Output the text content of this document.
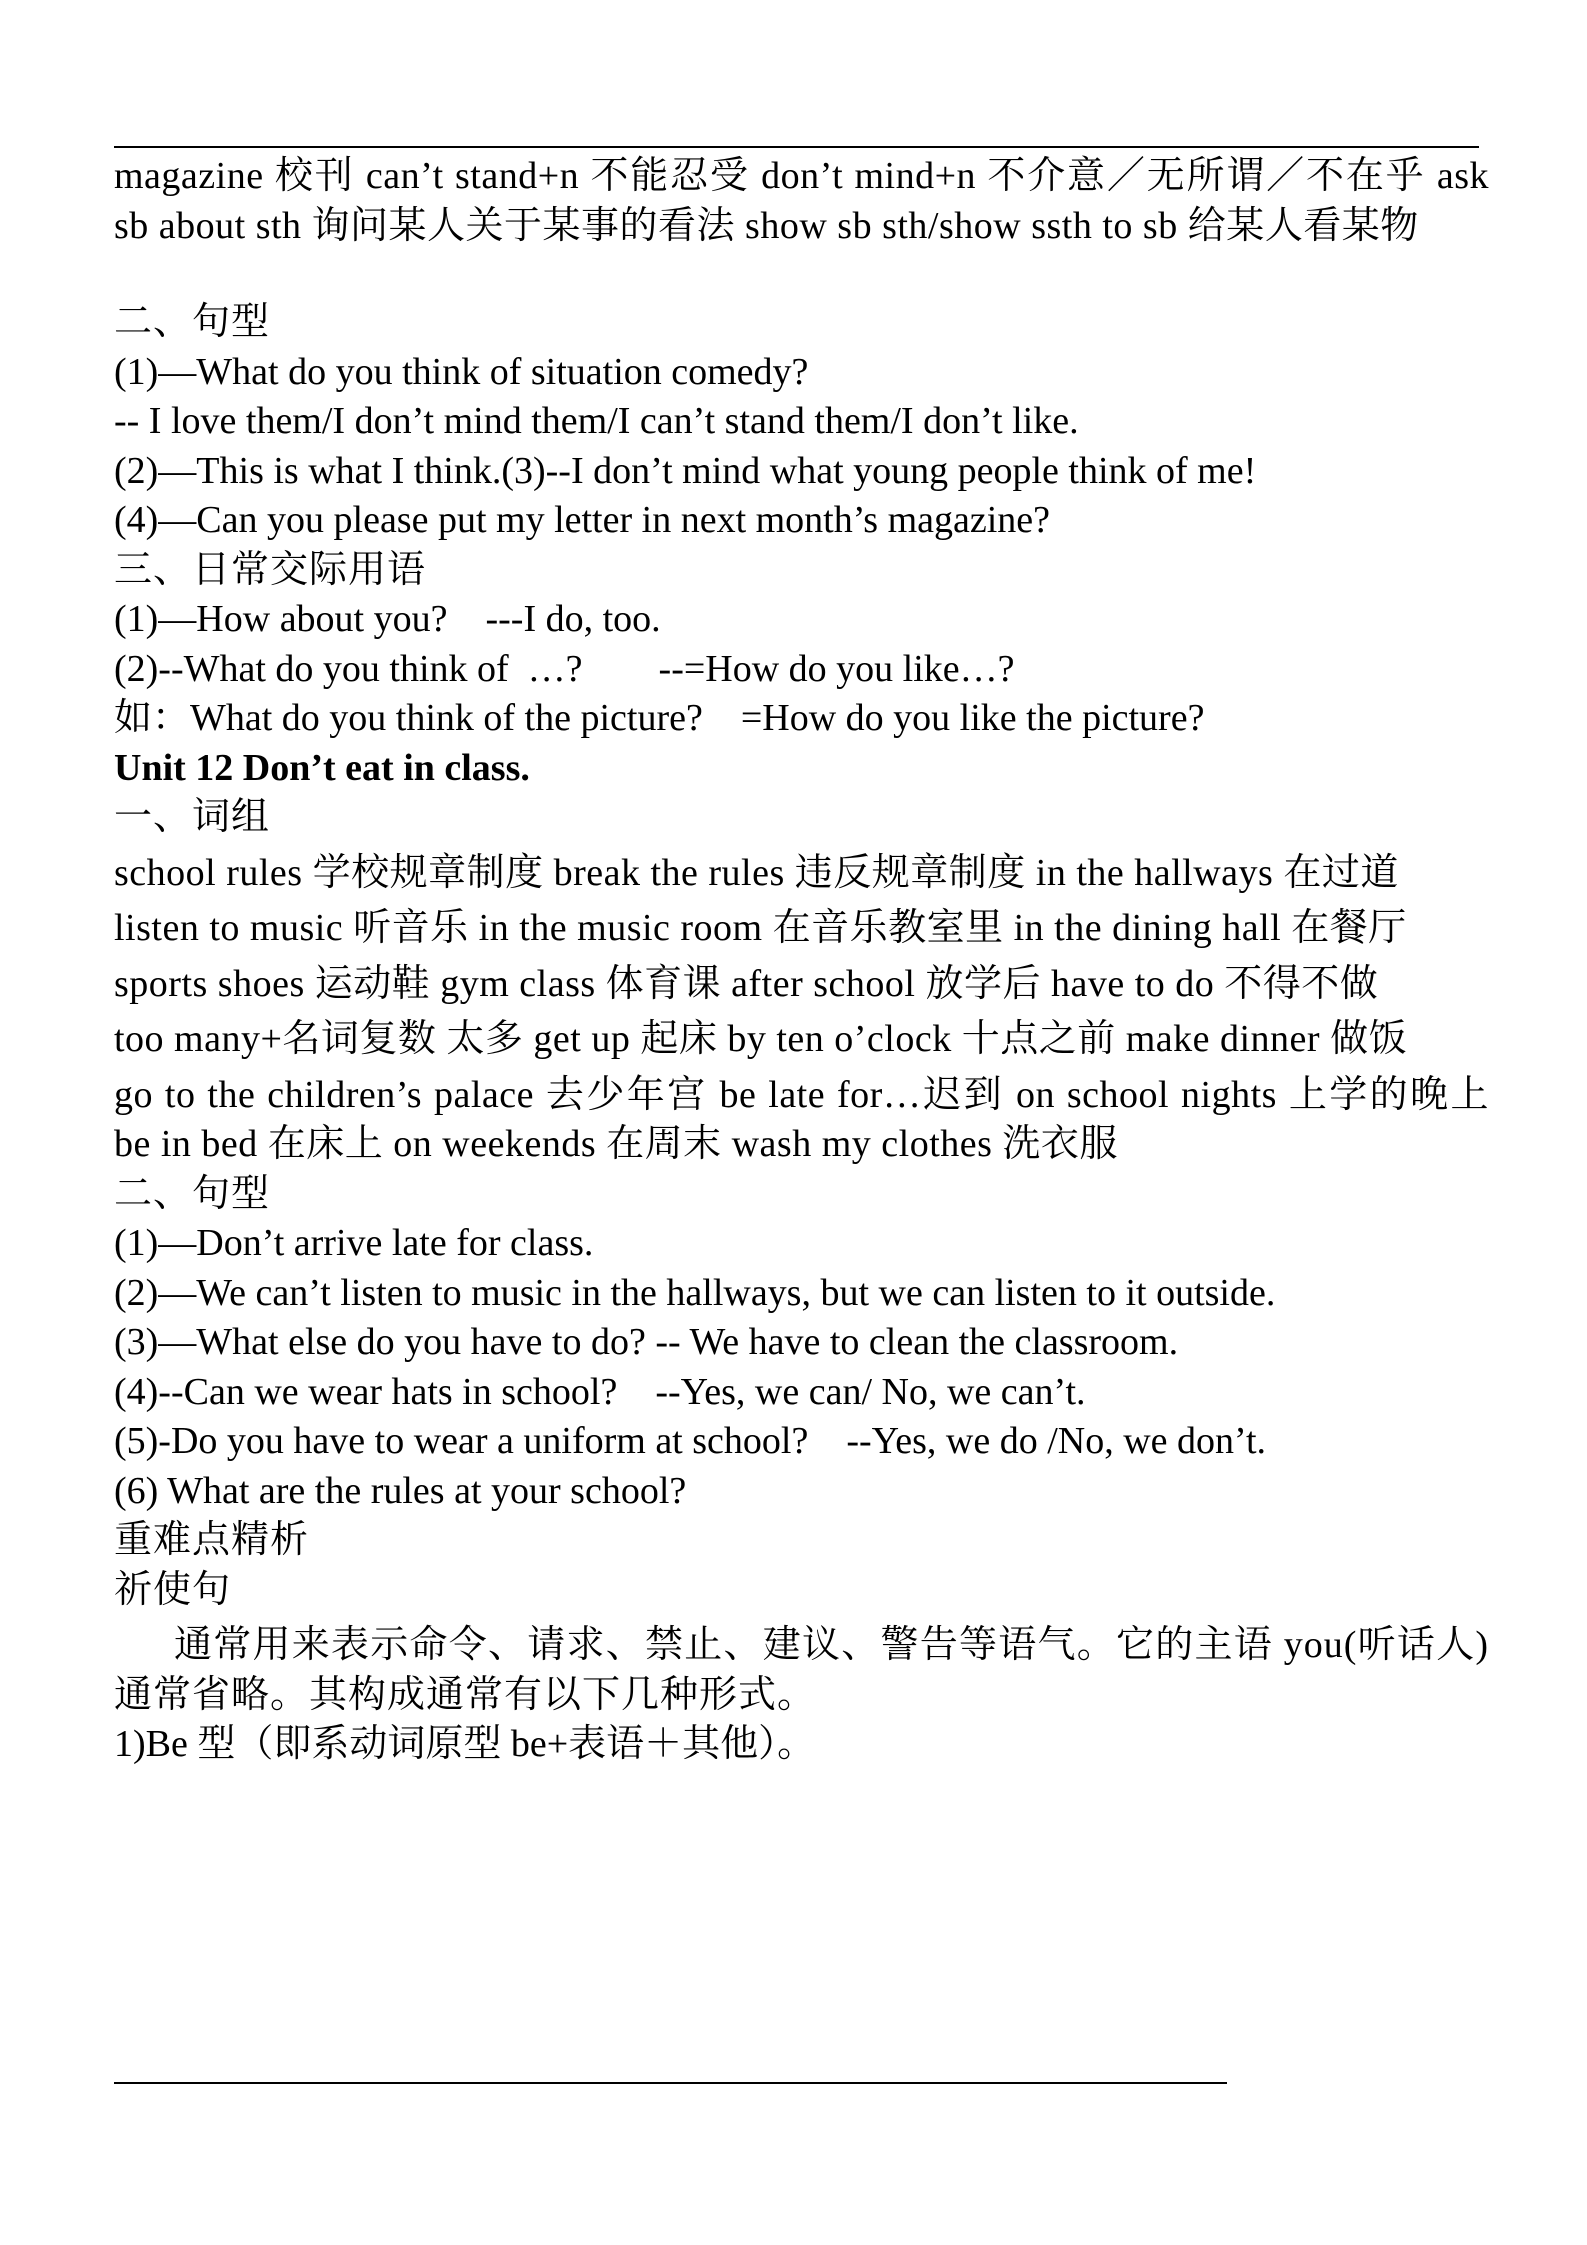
magazine 校刊 can’t stand+n 不能忍受 don’t mind+n 不介意／无所谓／不在乎 ask sb about sth 询问某人关于某事的看法 show sb sth/show ssth to sb 给某人看某物
二、句型
(1)—What do you think of situation comedy?
-- I love them/I don’t mind them/I can’t stand them/I don’t like.
(2)—This is what I think.(3)--I don’t mind what young people think of me!
(4)—Can you please put my letter in next month’s magazine?
三、日常交际用语
(1)—How about you?    ---I do, too.
(2)--What do you think of  …?        --=How do you like…?
如：What do you think of the picture?    =How do you like the picture?
Unit 12 Don’t eat in class.
一、词组
school rules 学校规章制度 break the rules 违反规章制度 in the hallways 在过道
listen to music 听音乐 in the music room 在音乐教室里 in the dining hall 在餐厅
sports shoes 运动鞋 gym class 体育课 after school 放学后 have to do 不得不做
too many+名词复数 太多 get up 起床 by ten o’clock 十点之前 make dinner 做饭
go to the children’s palace 去少年宫 be late for…迟到 on school nights 上学的晚上 be in bed 在床上 on weekends 在周末 wash my clothes 洗衣服
二、句型
(1)—Don’t arrive late for class.
(2)—We can’t listen to music in the hallways, but we can listen to it outside.
(3)—What else do you have to do? -- We have to clean the classroom.
(4)--Can we wear hats in school?    --Yes, we can/ No, we can’t.
(5)-Do you have to wear a uniform at school?    --Yes, we do /No, we don’t.
(6) What are the rules at your school?
重难点精析
祈使句
通常用来表示命令、请求、禁止、建议、警告等语气。它的主语 you(听话人)通常省略。其构成通常有以下几种形式。
1)Be 型（即系动词原型 be+表语＋其他）。
